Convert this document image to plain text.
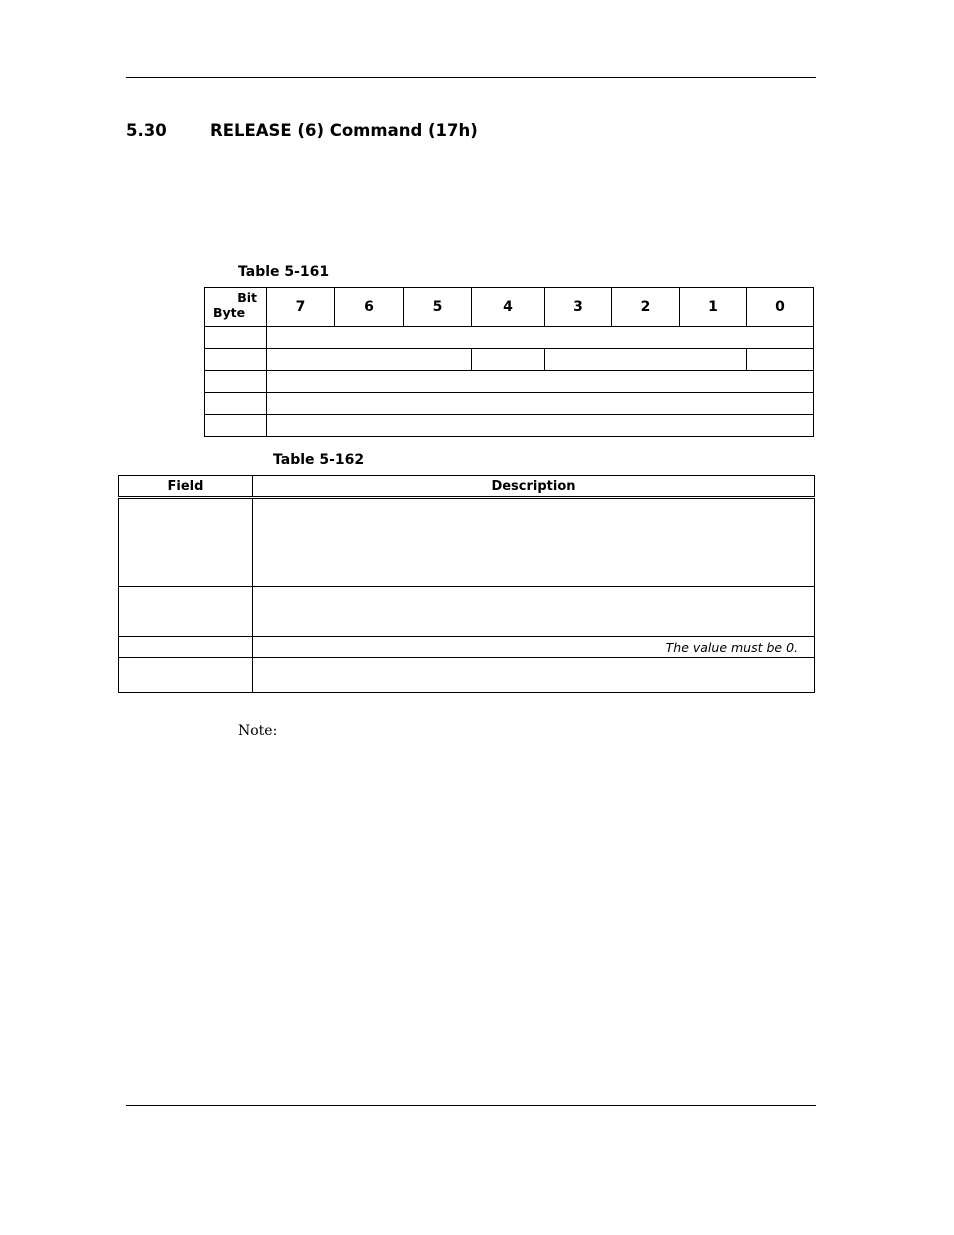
5.30	RELEASE (6) Command (17h)
Table 5-161
Bit
Byte	7	6	5	4	3	2	1	0

Table 5-162
Field	Description

	The value must be 0.

Note:
